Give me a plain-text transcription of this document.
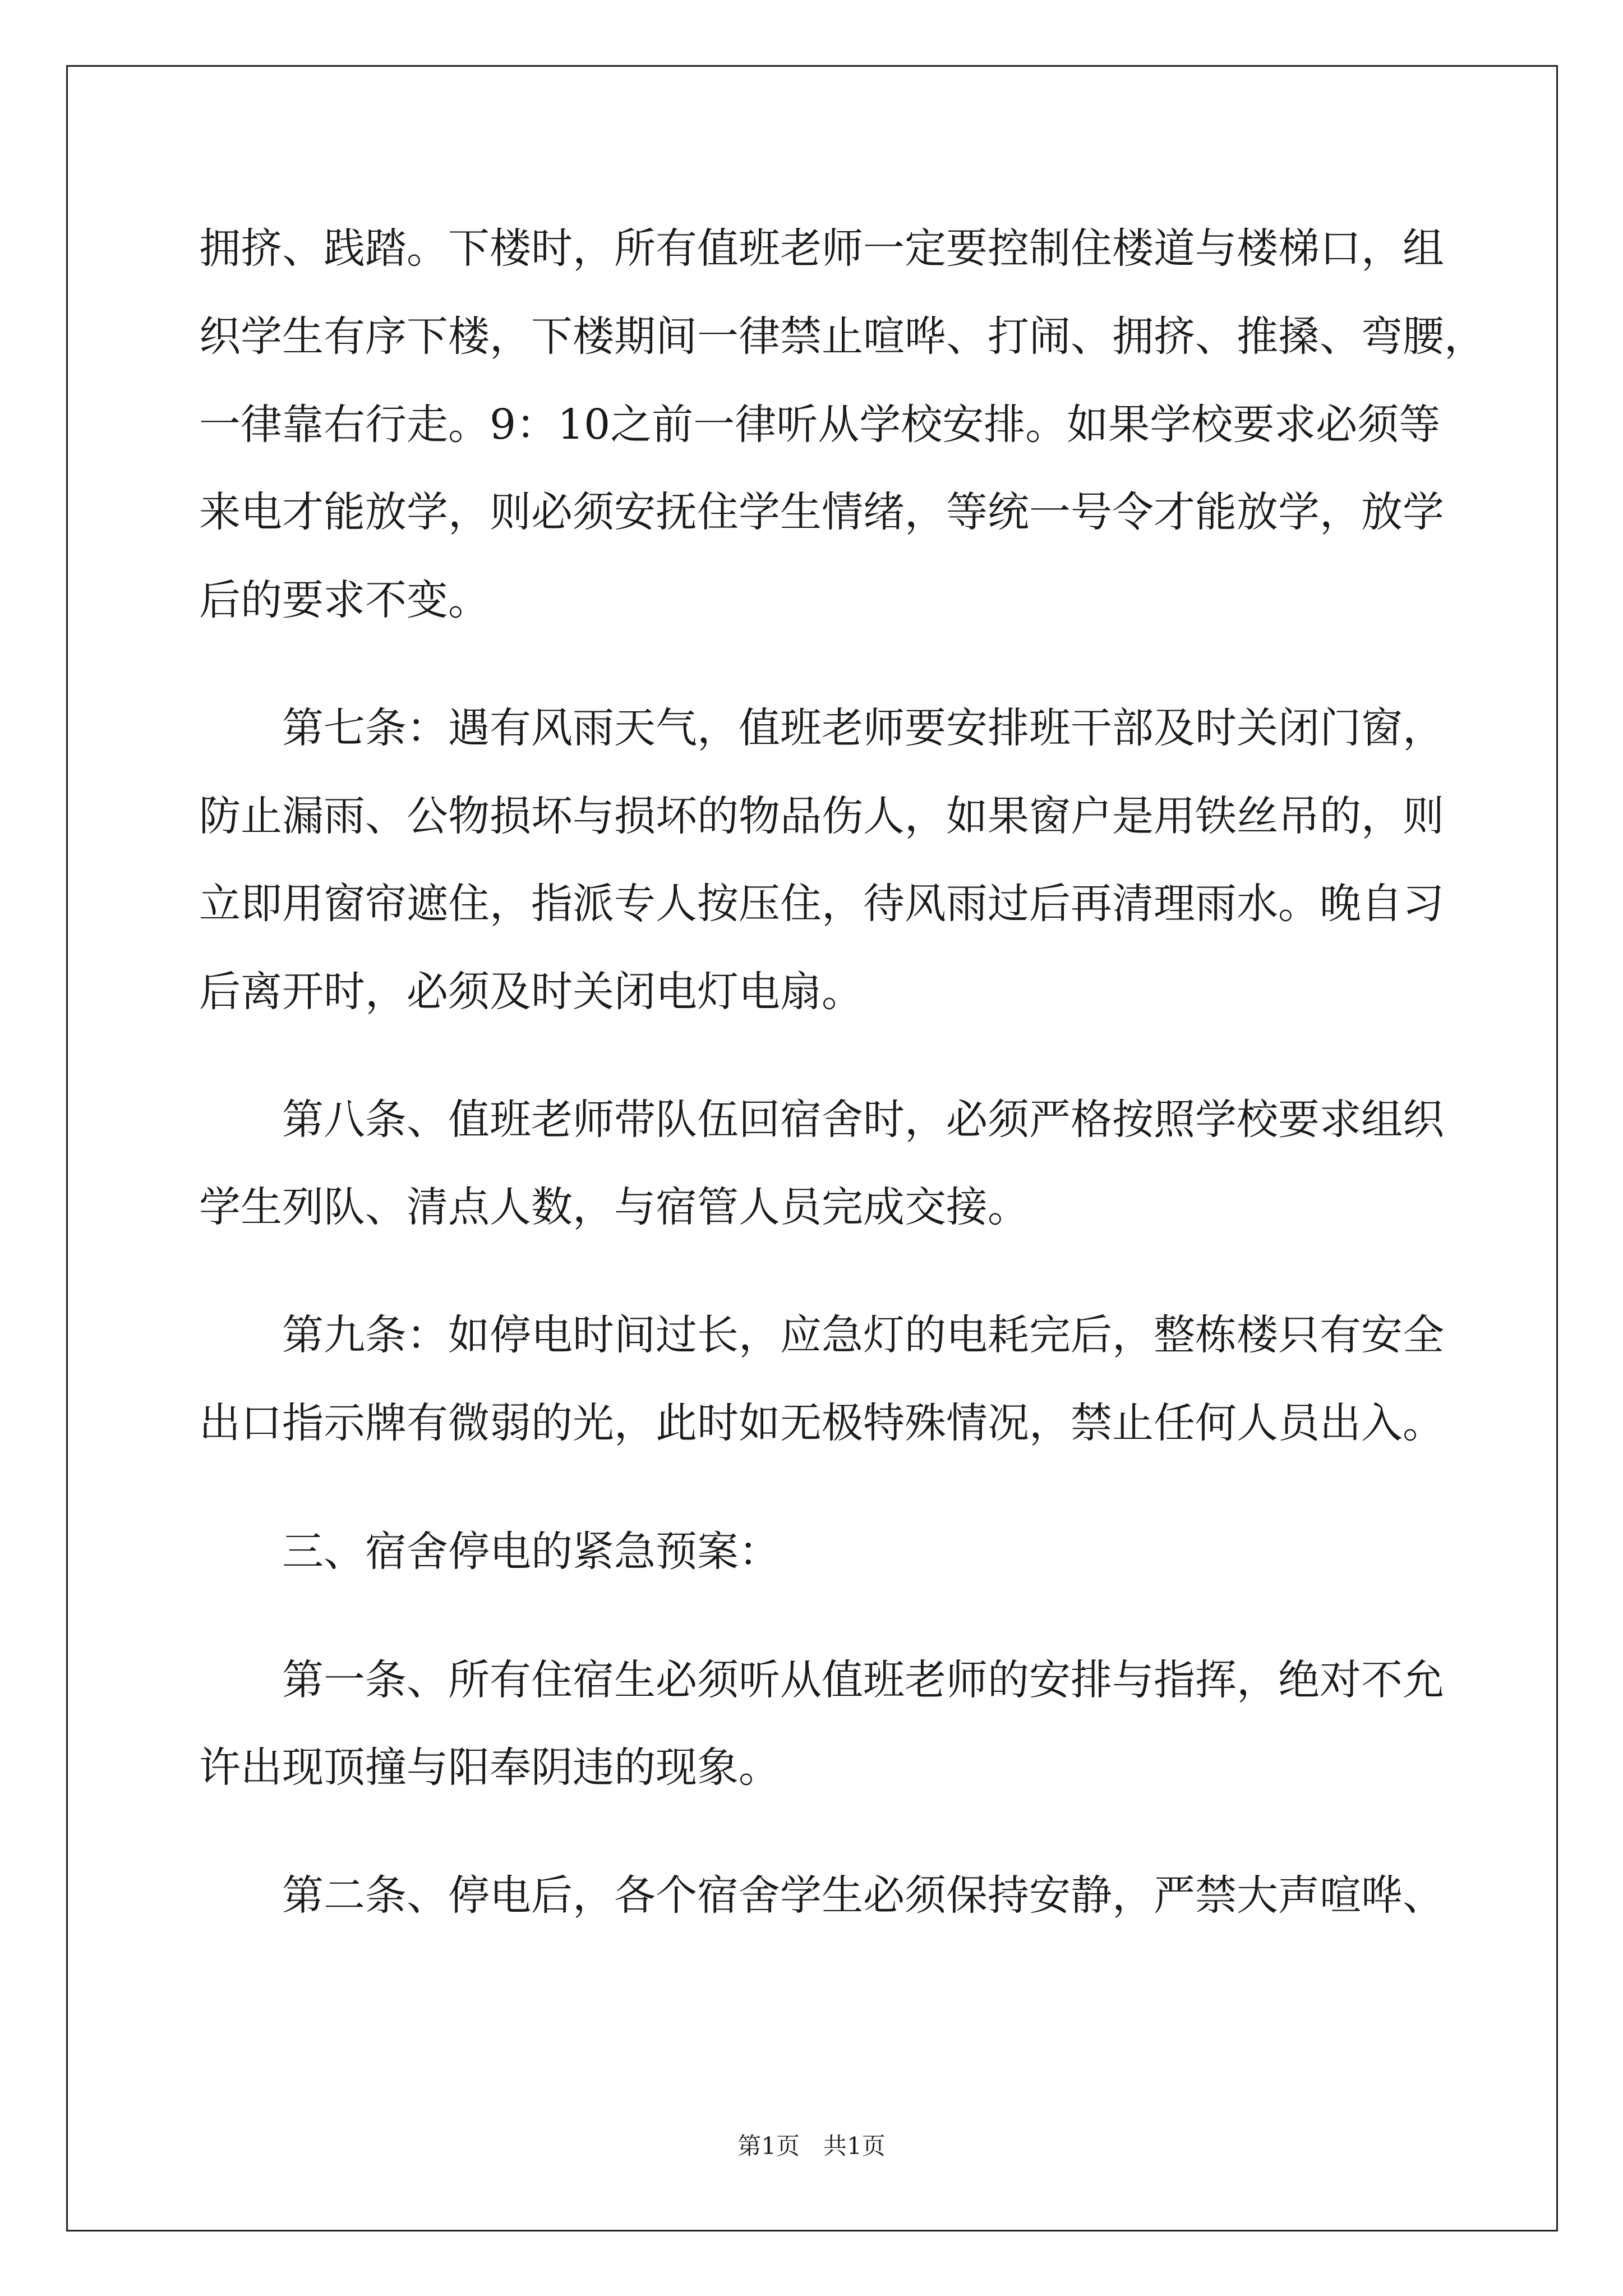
拥挤、践踏。下楼时，所有值班老师一定要控制住楼道与楼梯口，组
织学生有序下楼，下楼期间一律禁止喧哗、打闹、拥挤、推搡、弯腰，
一律靠右行走。9：10之前一律听从学校安排。如果学校要求必须等
来电才能放学，则必须安抚住学生情绪，等统一号令才能放学，放学
后的要求不变。
　　第七条：遇有风雨天气，值班老师要安排班干部及时关闭门窗，
防止漏雨、公物损坏与损坏的物品伤人，如果窗户是用铁丝吊的，则
立即用窗帘遮住，指派专人按压住，待风雨过后再清理雨水。晚自习
后离开时，必须及时关闭电灯电扇。
　　第八条、值班老师带队伍回宿舍时，必须严格按照学校要求组织
学生列队、清点人数，与宿管人员完成交接。
　　第九条：如停电时间过长，应急灯的电耗完后，整栋楼只有安全
出口指示牌有微弱的光，此时如无极特殊情况，禁止任何人员出入。
　　三、宿舍停电的紧急预案：
　　第一条、所有住宿生必须听从值班老师的安排与指挥，绝对不允
许出现顶撞与阳奉阴违的现象。
　　第二条、停电后，各个宿舍学生必须保持安静，严禁大声喧哗、
第1页　共1页
